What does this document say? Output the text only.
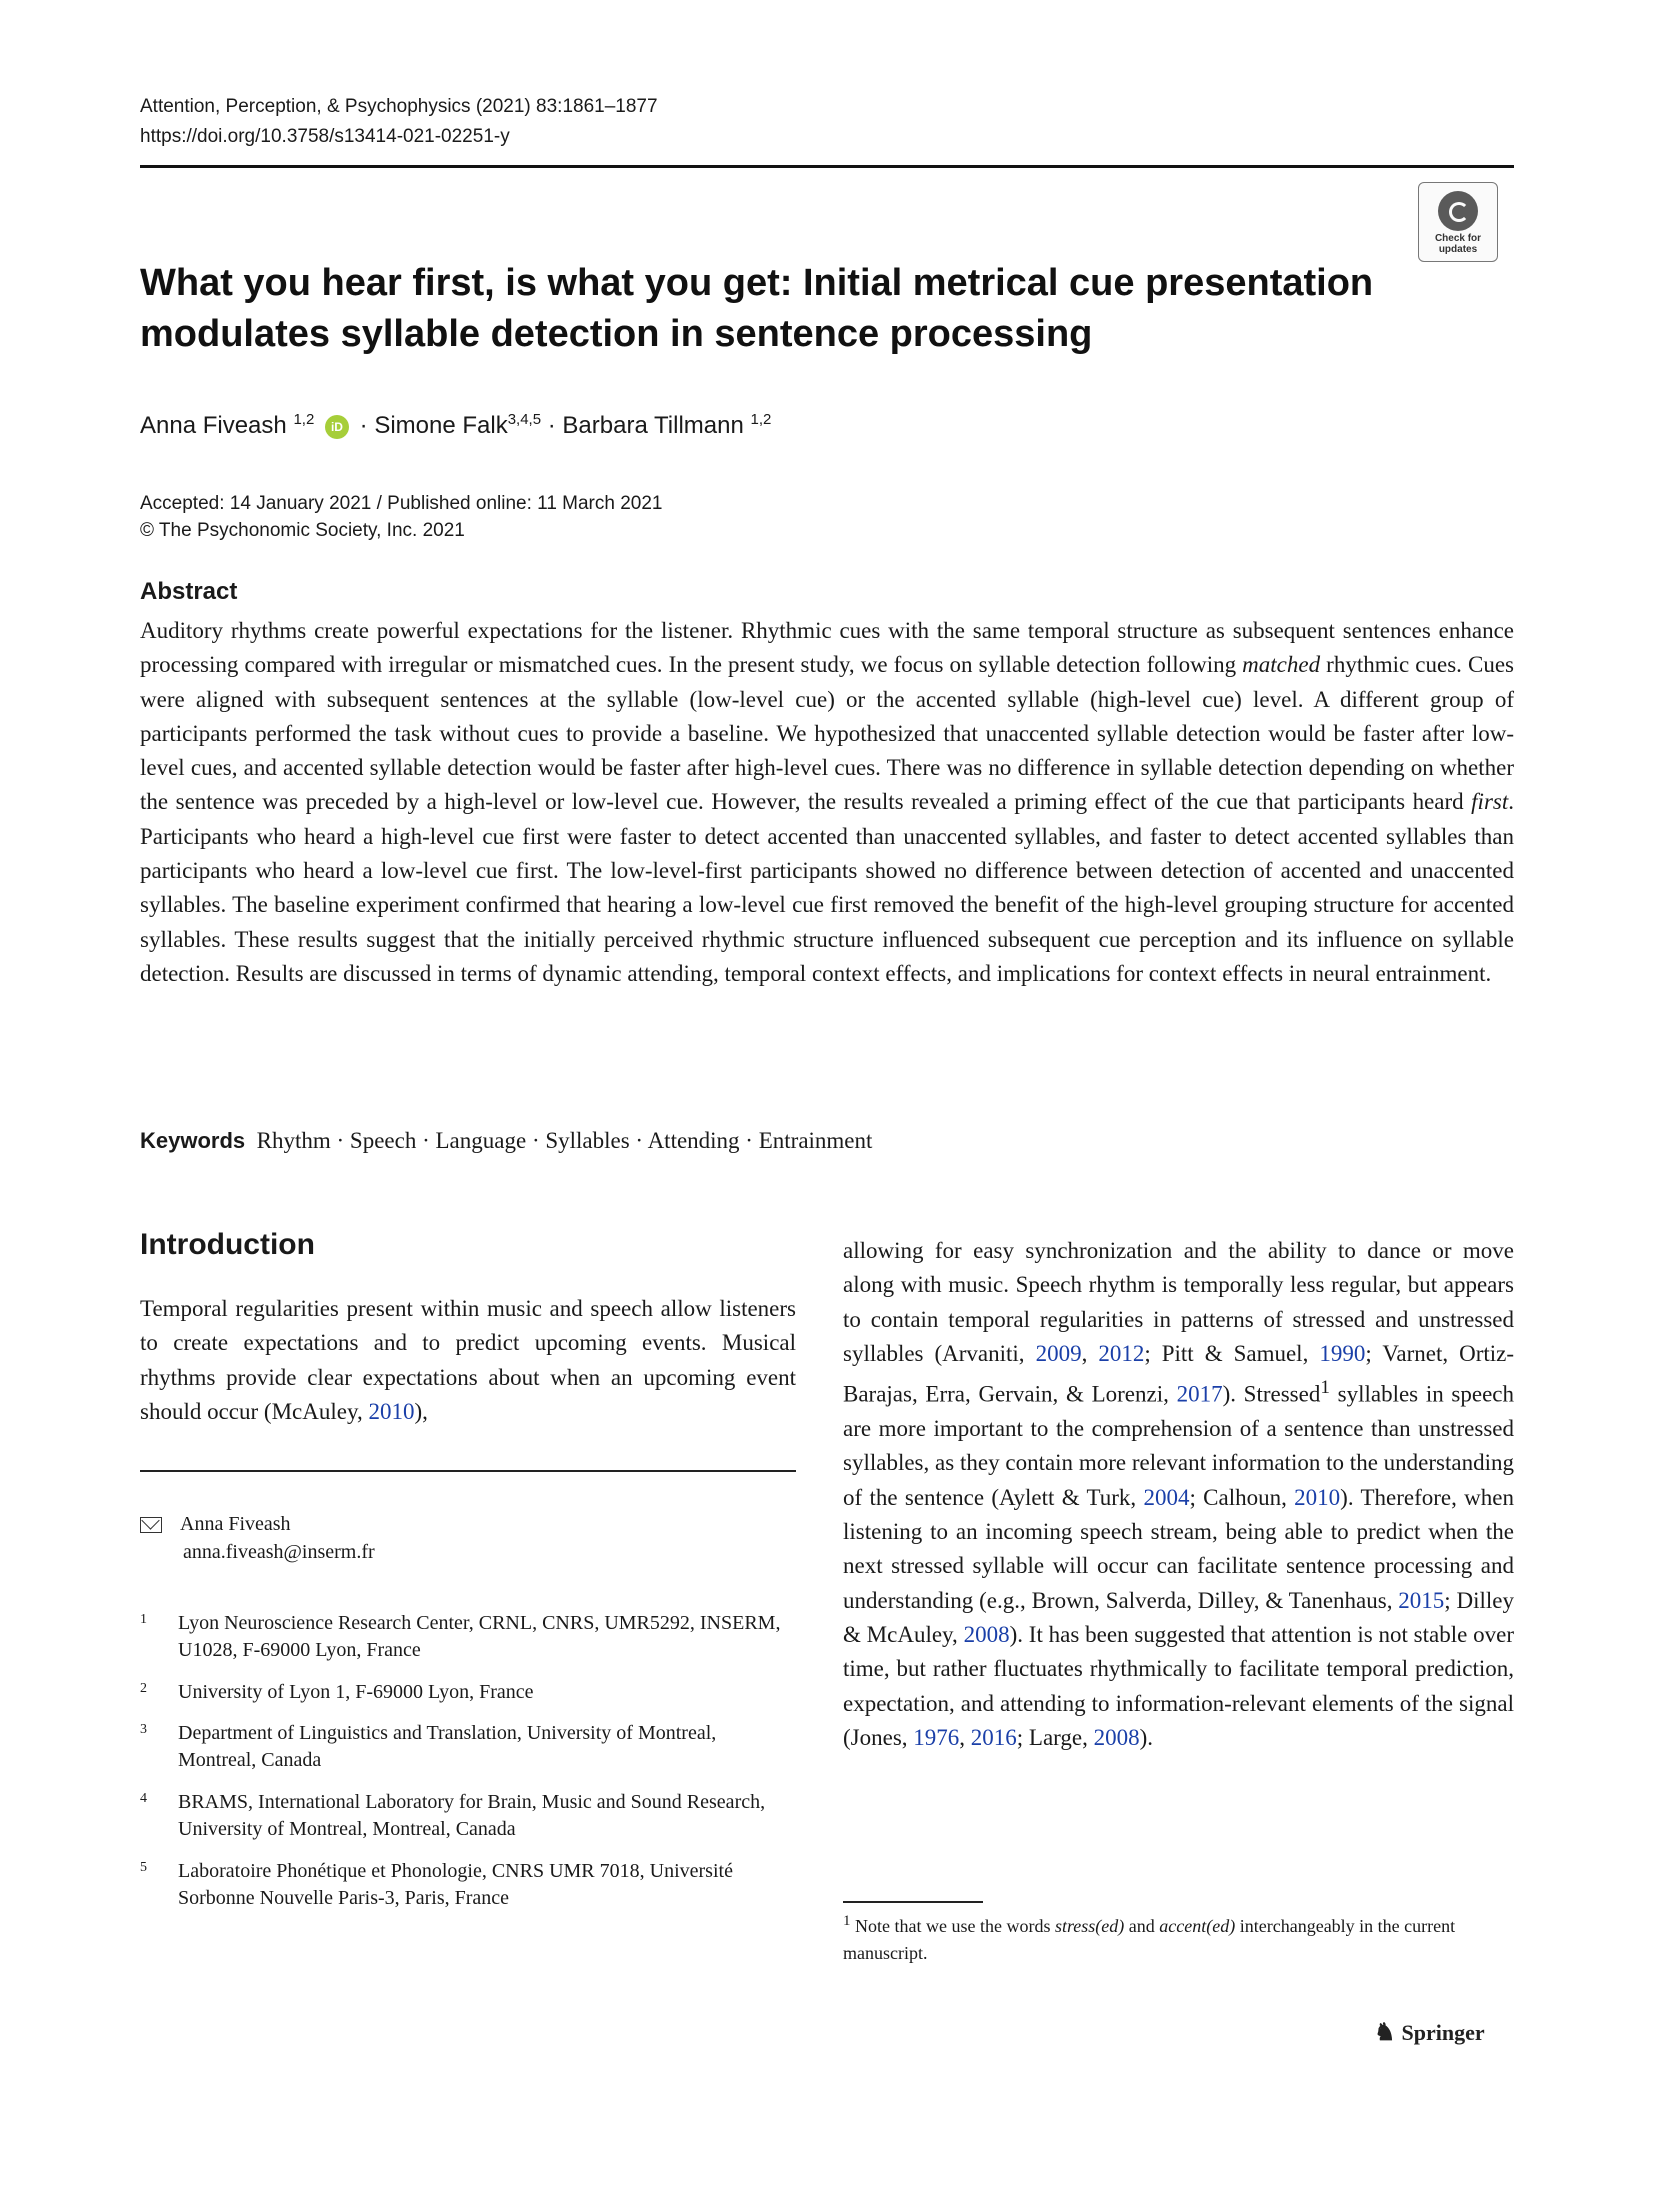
Attention, Perception, & Psychophysics (2021) 83:1861–1877
https://doi.org/10.3758/s13414-021-02251-y
Check for
updates
What you hear first, is what you get: Initial metrical cue presentation modulates syllable detection in sentence processing
Anna Fiveash $^{1,2}$ iD · Simone Falk$^{3,4,5}$ · Barbara Tillmann $^{1,2}$
Accepted: 14 January 2021 / Published online: 11 March 2021
© The Psychonomic Society, Inc. 2021
Abstract
Auditory rhythms create powerful expectations for the listener. Rhythmic cues with the same temporal structure as subsequent sentences enhance processing compared with irregular or mismatched cues. In the present study, we focus on syllable detection following matched rhythmic cues. Cues were aligned with subsequent sentences at the syllable (low-level cue) or the accented syllable (high-level cue) level. A different group of participants performed the task without cues to provide a baseline. We hypothesized that unaccented syllable detection would be faster after low-level cues, and accented syllable detection would be faster after high-level cues. There was no difference in syllable detection depending on whether the sentence was preceded by a high-level or low-level cue. However, the results revealed a priming effect of the cue that participants heard first. Participants who heard a high-level cue first were faster to detect accented than unaccented syllables, and faster to detect accented syllables than participants who heard a low-level cue first. The low-level-first participants showed no difference between detection of accented and unaccented syllables. The baseline experiment confirmed that hearing a low-level cue first removed the benefit of the high-level grouping structure for accented syllables. These results suggest that the initially perceived rhythmic structure influenced subsequent cue perception and its influence on syllable detection. Results are discussed in terms of dynamic attending, temporal context effects, and implications for context effects in neural entrainment.
Keywords Rhythm · Speech · Language · Syllables · Attending · Entrainment
Introduction
Temporal regularities present within music and speech allow listeners to create expectations and to predict upcoming events. Musical rhythms provide clear expectations about when an upcoming event should occur (McAuley, 2010),
Anna Fiveash
anna.fiveash@inserm.fr
1 Lyon Neuroscience Research Center, CRNL, CNRS, UMR5292, INSERM, U1028, F-69000 Lyon, France
2 University of Lyon 1, F-69000 Lyon, France
3 Department of Linguistics and Translation, University of Montreal, Montreal, Canada
4 BRAMS, International Laboratory for Brain, Music and Sound Research, University of Montreal, Montreal, Canada
5 Laboratoire Phonétique et Phonologie, CNRS UMR 7018, Université Sorbonne Nouvelle Paris-3, Paris, France
allowing for easy synchronization and the ability to dance or move along with music. Speech rhythm is temporally less regular, but appears to contain temporal regularities in patterns of stressed and unstressed syllables (Arvaniti, 2009, 2012; Pitt & Samuel, 1990; Varnet, Ortiz-Barajas, Erra, Gervain, & Lorenzi, 2017). Stressed$^1$ syllables in speech are more important to the comprehension of a sentence than unstressed syllables, as they contain more relevant information to the understanding of the sentence (Aylett & Turk, 2004; Calhoun, 2010). Therefore, when listening to an incoming speech stream, being able to predict when the next stressed syllable will occur can facilitate sentence processing and understanding (e.g., Brown, Salverda, Dilley, & Tanenhaus, 2015; Dilley & McAuley, 2008). It has been suggested that attention is not stable over time, but rather fluctuates rhythmically to facilitate temporal prediction, expectation, and attending to information-relevant elements of the signal (Jones, 1976, 2016; Large, 2008).
$^1$ Note that we use the words stress(ed) and accent(ed) interchangeably in the current manuscript.
♞ Springer
